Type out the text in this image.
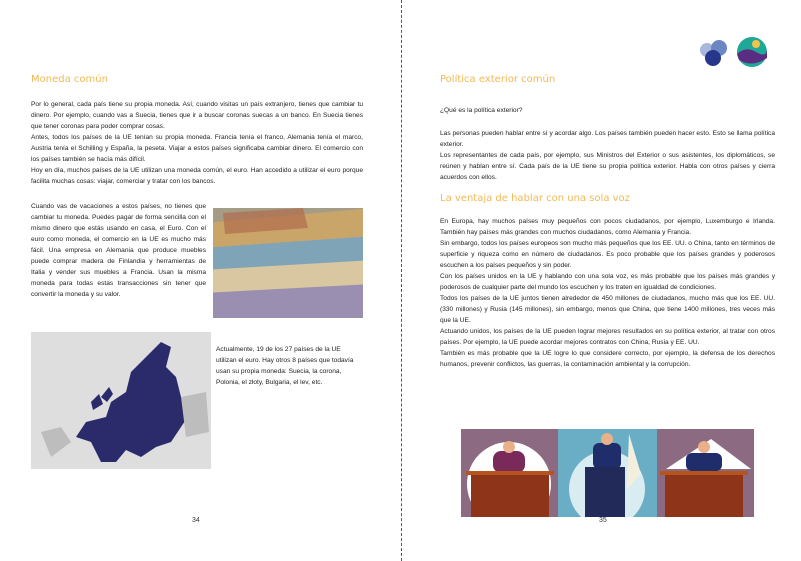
Moneda común

Por lo general, cada país tiene su propia moneda. Así, cuando visitas un país extranjero, tienes que cambiar tu dinero. Por ejemplo, cuando vas a Suecia, tienes que ir a buscar coronas suecas a un banco. En Suecia tienes que tener coronas para poder comprar cosas.

Antes, todos los países de la UE tenían su propia moneda. Francia tenía el franco, Alemania tenía el marco, Austria tenía el Schilling y España, la peseta. Viajar a estos países significaba cambiar dinero. El comercio con los países también se hacía más difícil.

Hoy en día, muchos países de la UE utilizan una moneda común, el euro. Han accedido a utilizar el euro porque facilita muchas cosas: viajar, comerciar y tratar con los bancos.

Cuando vas de vacaciones a estos países, no tienes que cambiar tu moneda. Puedes pagar de forma sencilla con el mismo dinero que estás usando en casa, el Euro. Con el euro como moneda, el comercio en la UE es mucho más fácil. Una empresa en Alemania que produce muebles puede comprar madera de Finlandia y herramientas de Italia y vender sus muebles a Francia. Usan la misma moneda para todas estas transacciones sin tener que convertir la moneda y su valor.

Actualmente, 19 de los 27 países de la UE utilizan el euro. Hay otros 8 países que todavía usan su propia moneda: Suecia, la corona, Polonia, el złoty, Bulgaria, el lev, etc.

34
Política exterior común
¿Qué es la política exterior?

Las personas pueden hablar entre sí y acordar algo. Los países también pueden hacer esto. Esto se llama política exterior.

Los representantes de cada país, por ejemplo, sus Ministros del Exterior o sus asistentes, los diplomáticos, se reúnen y hablan entre sí. Cada país de la UE tiene su propia política exterior. Habla con otros países y cierra acuerdos con ellos.

La ventaja de hablar con una sola voz

En Europa, hay muchos países muy pequeños con pocos ciudadanos, por ejemplo, Luxemburgo e Irlanda. También hay países más grandes con muchos ciudadanos, como Alemania y Francia.

Sin embargo, todos los países europeos son mucho más pequeños que los EE. UU. o China, tanto en términos de superficie y riqueza como en número de ciudadanos. Es poco probable que los países grandes y poderosos escuchen a los países pequeños y sin poder.

Con los países unidos en la UE y hablando con una sola voz, es más probable que los países más grandes y poderosos de cualquier parte del mundo los escuchen y los traten en igualdad de condiciones.

Todos los países de la UE juntos tienen alrededor de 450 millones de ciudadanos, mucho más que los EE. UU. (330 millones) y Rusia (145 millones), sin embargo, menos que China, que tiene 1400 millones, tres veces más que la UE.

Actuando unidos, los países de la UE pueden lograr mejores resultados en su política exterior, al tratar con otros países. Por ejemplo, la UE puede acordar mejores contratos con China, Rusia y EE. UU.

También es más probable que la UE logre lo que considere correcto, por ejemplo, la defensa de los derechos humanos, prevenir conflictos, las guerras, la contaminación ambiental y la corrupción.

35
